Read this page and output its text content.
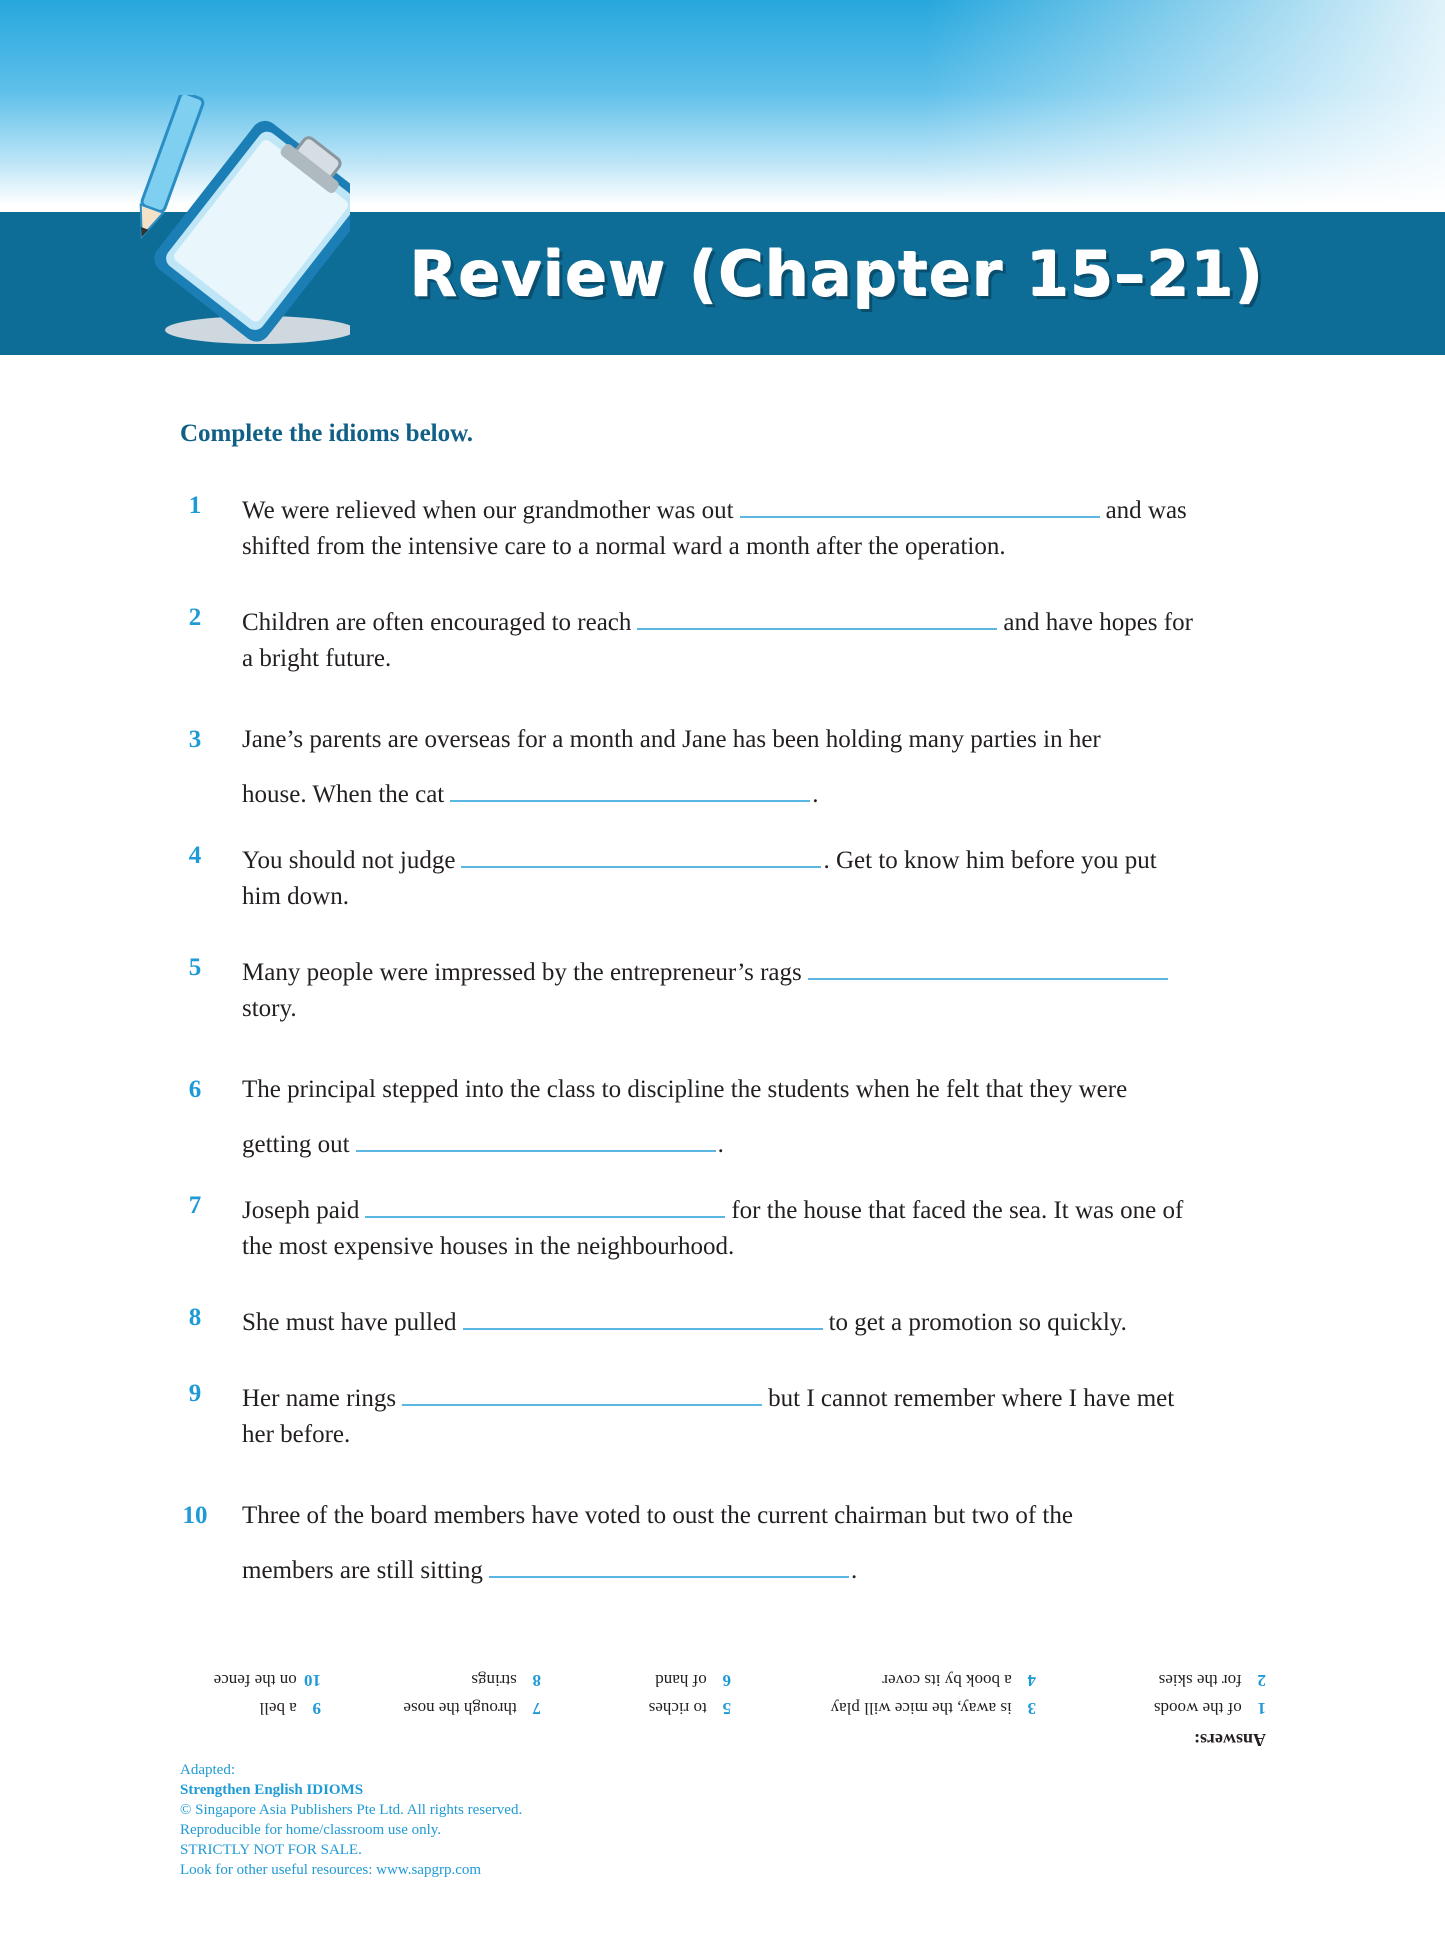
Review (Chapter 15–21)

Complete the idioms below.

1	We were relieved when our grandmother was out	and was
shifted from the intensive care to a normal ward a month after the operation.
2	Children are often encouraged to reach	and have hopes for
a bright future.
3	Jane’s parents are overseas for a month and Jane has been holding many parties in her
house. When the cat	.
4	You should not judge	. Get to know him before you put
him down.
5	Many people were impressed by the entrepreneur’s rags
story.
6	The principal stepped into the class to discipline the students when he felt that they were
getting out	.
7	Joseph paid	for the house that faced the sea. It was one of
the most expensive houses in the neighbourhood.
8	She must have pulled	to get a promotion so quickly.
9	Her name rings	but I cannot remember where I have met
her before.
10 Three of the board members have voted to oust the current chairman but two of the
members are still sitting	.
Answers:
1 of the woods
2 for the skies
3 is away, the mice will play
4 a book by its cover
5 to riches
6 of hand
7 through the nose
8 strings
9 a bell
10 on the fence
Adapted:
Strengthen English IDIOMS
© Singapore Asia Publishers Pte Ltd. All rights reserved.
Reproducible for home/classroom use only.
STRICTLY NOT FOR SALE.
Look for other useful resources: www.sapgrp.com
